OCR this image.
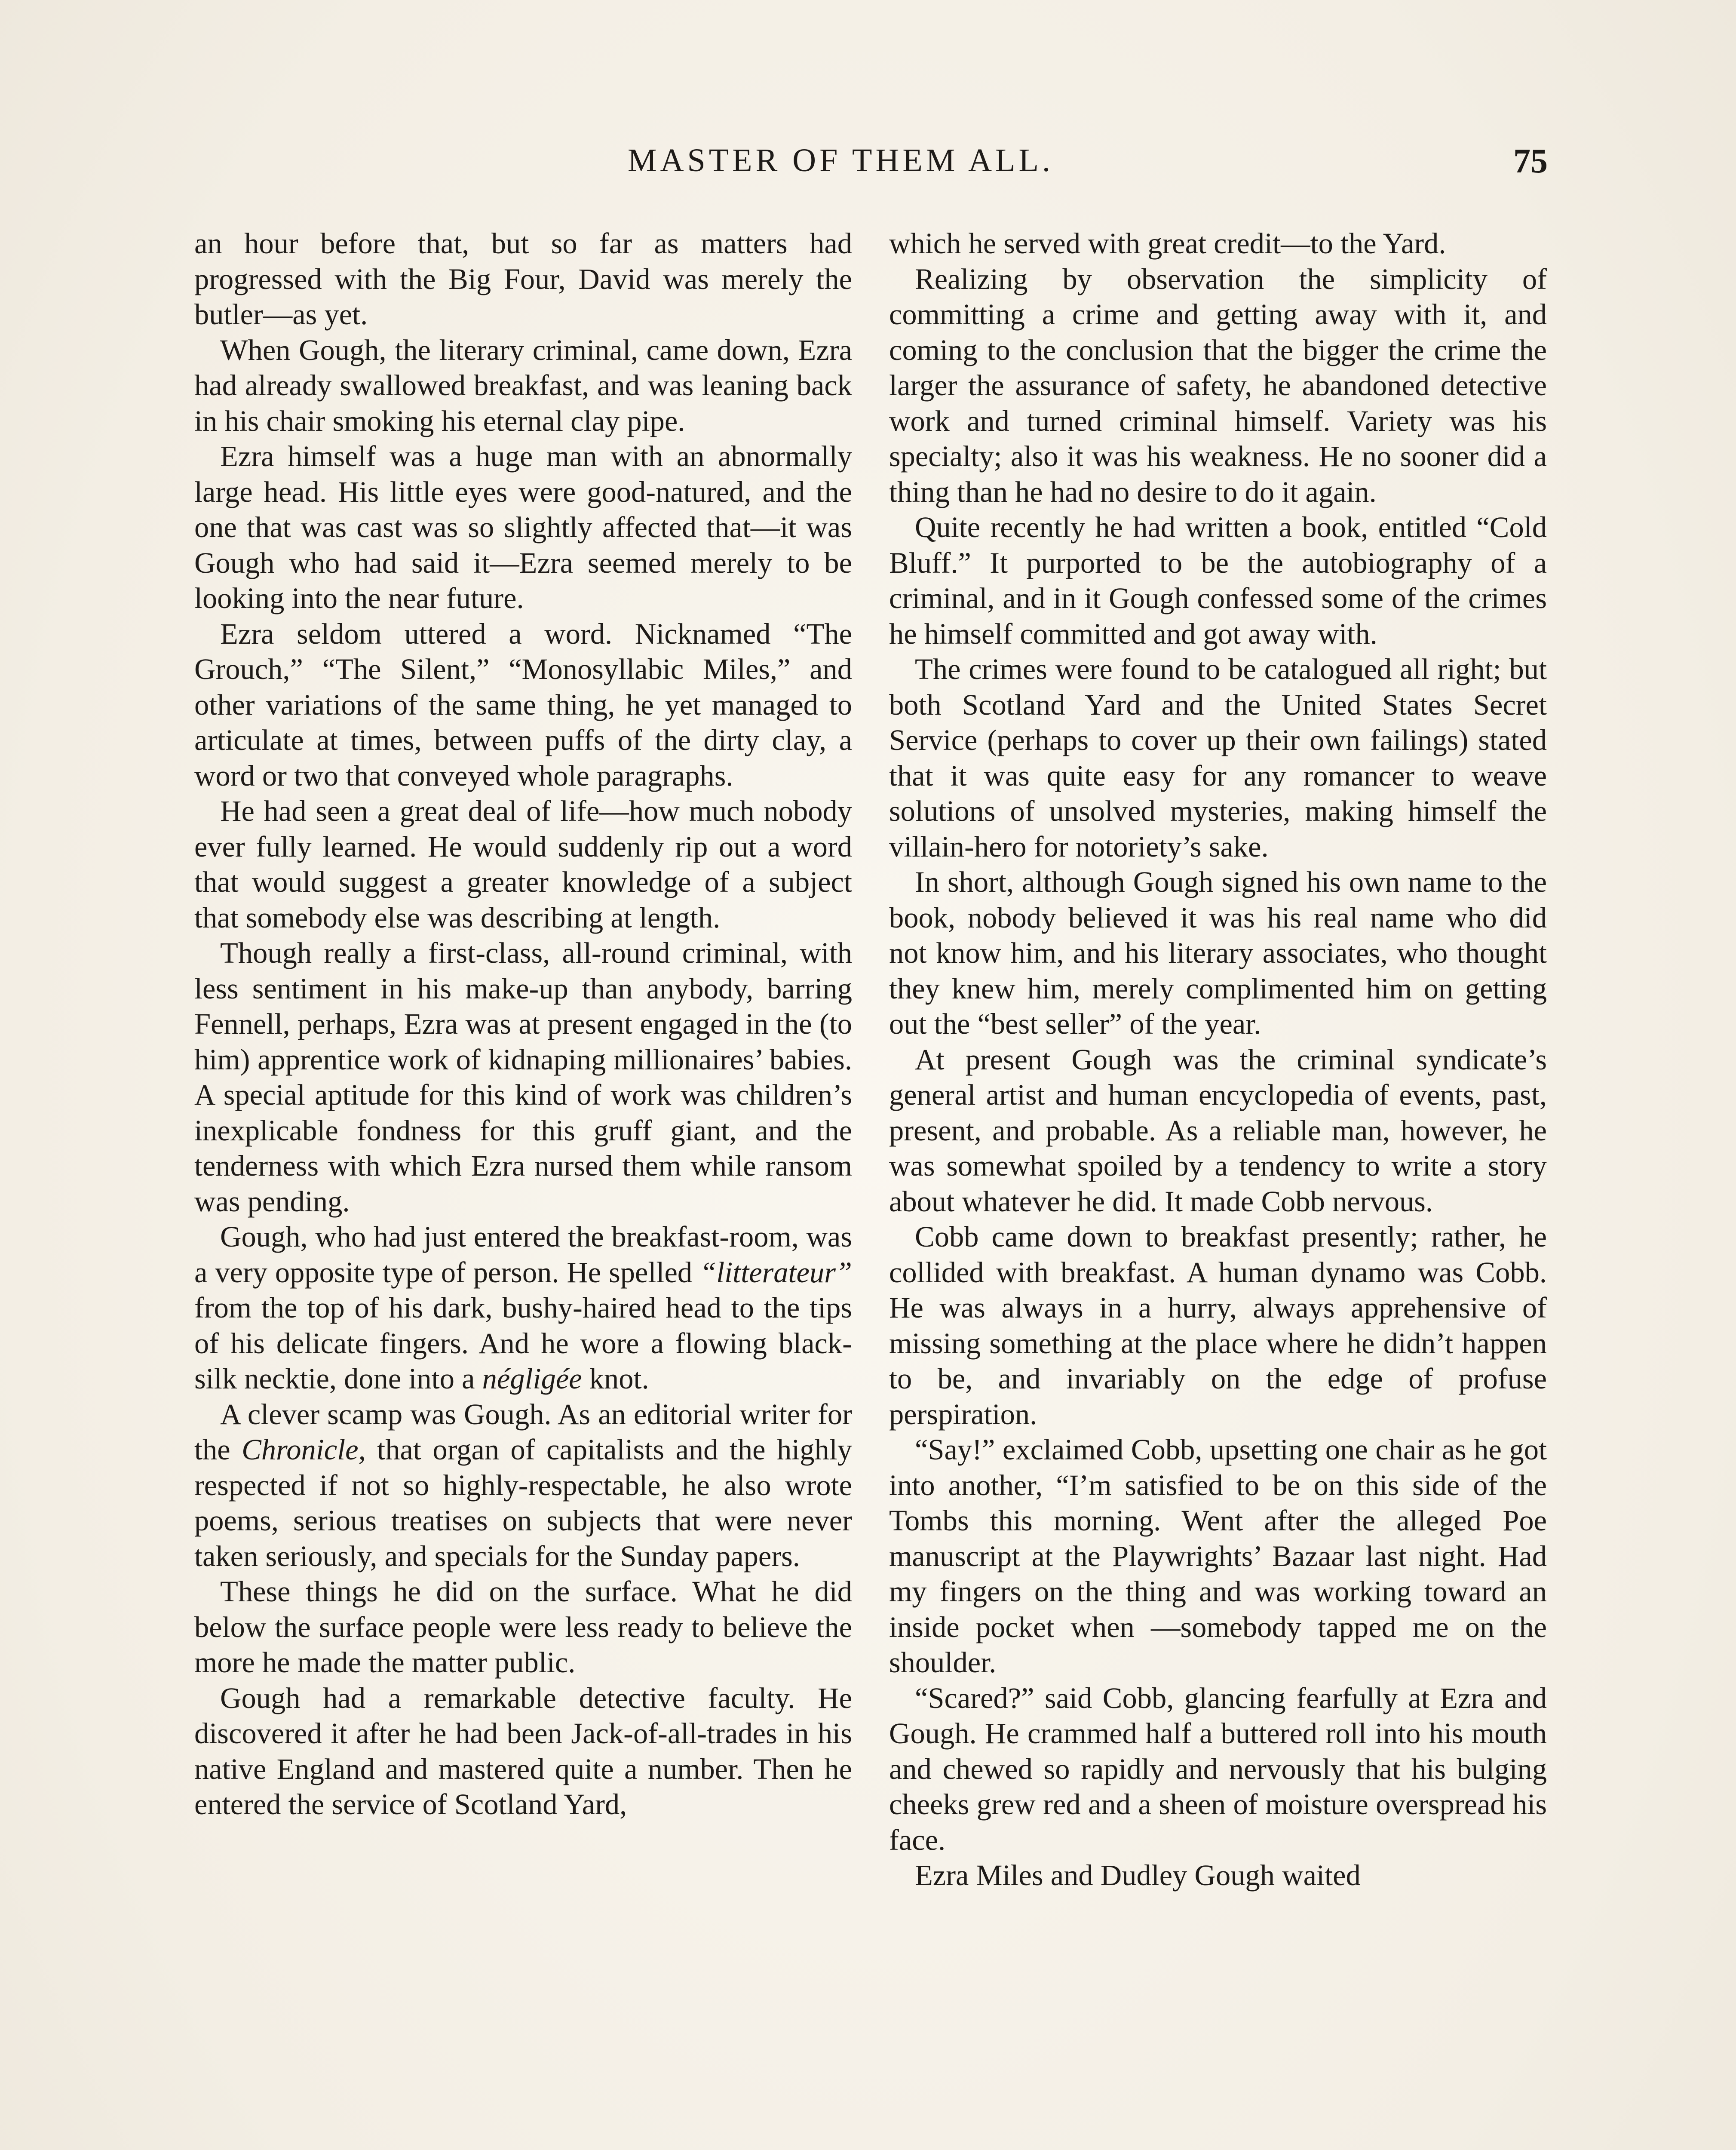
MASTER OF THEM ALL.	75

an hour before that, but so far as matters had progressed with the Big Four, David was merely the butler—as yet.

When Gough, the literary criminal, came down, Ezra had already swallowed breakfast, and was leaning back in his chair smoking his eternal clay pipe.

Ezra himself was a huge man with an abnormally large head. His little eyes were good-natured, and the one that was cast was so slightly affected that—it was Gough who had said it—Ezra seemed merely to be looking into the near future.

Ezra seldom uttered a word. Nicknamed “The Grouch,” “The Silent,” “Monosyllabic Miles,” and other variations of the same thing, he yet managed to articulate at times, between puffs of the dirty clay, a word or two that conveyed whole paragraphs.

He had seen a great deal of life—how much nobody ever fully learned. He would suddenly rip out a word that would suggest a greater knowledge of a subject that somebody else was describing at length.

Though really a first-class, all-round criminal, with less sentiment in his make-up than anybody, barring Fennell, perhaps, Ezra was at present engaged in the (to him) apprentice work of kidnaping millionaires’ babies. A special aptitude for this kind of work was children’s inexplicable fondness for this gruff giant, and the tenderness with which Ezra nursed them while ransom was pending.

Gough, who had just entered the breakfast-room, was a very opposite type of person. He spelled “litterateur” from the top of his dark, bushy-haired head to the tips of his delicate fingers. And he wore a flowing black-silk necktie, done into a négligée knot.

A clever scamp was Gough. As an editorial writer for the Chronicle, that organ of capitalists and the highly respected if not so highly-respectable, he also wrote poems, serious treatises on subjects that were never taken seriously, and specials for the Sunday papers.

These things he did on the surface. What he did below the surface people were less ready to believe the more he made the matter public.

Gough had a remarkable detective faculty. He discovered it after he had been Jack-of-all-trades in his native England and mastered quite a number. Then he entered the service of Scotland Yard,

which he served with great credit—to the Yard.

Realizing by observation the simplicity of committing a crime and getting away with it, and coming to the conclusion that the bigger the crime the larger the assurance of safety, he abandoned detective work and turned criminal himself. Variety was his specialty; also it was his weakness. He no sooner did a thing than he had no desire to do it again.

Quite recently he had written a book, entitled “Cold Bluff.” It purported to be the autobiography of a criminal, and in it Gough confessed some of the crimes he himself committed and got away with.

The crimes were found to be catalogued all right; but both Scotland Yard and the United States Secret Service (perhaps to cover up their own failings) stated that it was quite easy for any romancer to weave solutions of unsolved mysteries, making himself the villain-hero for notoriety’s sake.

In short, although Gough signed his own name to the book, nobody believed it was his real name who did not know him, and his literary associates, who thought they knew him, merely complimented him on getting out the “best seller” of the year.

At present Gough was the criminal syndicate’s general artist and human encyclopedia of events, past, present, and probable. As a reliable man, however, he was somewhat spoiled by a tendency to write a story about whatever he did. It made Cobb nervous.

Cobb came down to breakfast presently; rather, he collided with breakfast. A human dynamo was Cobb. He was always in a hurry, always apprehensive of missing something at the place where he didn’t happen to be, and invariably on the edge of profuse perspiration.

“Say!” exclaimed Cobb, upsetting one chair as he got into another, “I’m satisfied to be on this side of the Tombs this morning. Went after the alleged Poe manuscript at the Playwrights’ Bazaar last night. Had my fingers on the thing and was working toward an inside pocket when —somebody tapped me on the shoulder.

“Scared?” said Cobb, glancing fearfully at Ezra and Gough. He crammed half a buttered roll into his mouth and chewed so rapidly and nervously that his bulging cheeks grew red and a sheen of moisture overspread his face.

Ezra Miles and Dudley Gough waited
